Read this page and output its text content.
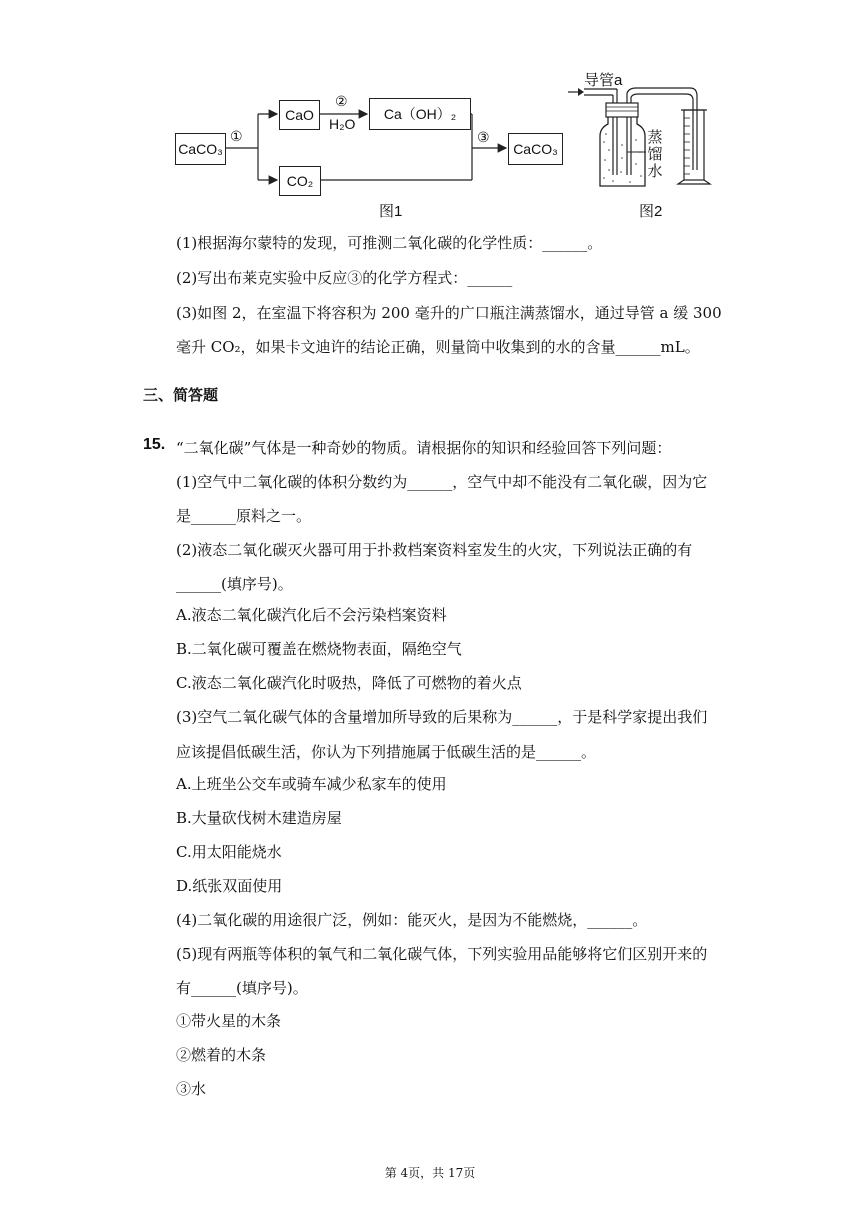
CaCO₃
CaO	Ca（OH）₂
CO₂
CaCO₃
①
②
H₂O
③
图1
导管a
蒸
馏
水
图2
(1)根据海尔蒙特的发现，可推测二氧化碳的化学性质：______。
(2)写出布莱克实验中反应③的化学方程式：______
(3)如图 2，在室温下将容积为 200 毫升的广口瓶注满蒸馏水，通过导管 a 缓 300
毫升 CO₂，如果卡文迪许的结论正确，则量筒中收集到的水的含量______mL。
三、简答题
15. “二氧化碳”气体是一种奇妙的物质。请根据你的知识和经验回答下列问题：
(1)空气中二氧化碳的体积分数约为______，空气中却不能没有二氧化碳，因为它
是______原料之一。
(2)液态二氧化碳灭火器可用于扑救档案资料室发生的火灾，下列说法正确的有
______(填序号)。
A.液态二氧化碳汽化后不会污染档案资料
B.二氧化碳可覆盖在燃烧物表面，隔绝空气
C.液态二氧化碳汽化时吸热，降低了可燃物的着火点
(3)空气二氧化碳气体的含量增加所导致的后果称为______，于是科学家提出我们
应该提倡低碳生活，你认为下列措施属于低碳生活的是______。
A.上班坐公交车或骑车减少私家车的使用
B.大量砍伐树木建造房屋
C.用太阳能烧水
D.纸张双面使用
(4)二氧化碳的用途很广泛，例如：能灭火，是因为不能燃烧，______。
(5)现有两瓶等体积的氧气和二氧化碳气体，下列实验用品能够将它们区别开来的
有______(填序号)。
①带火星的木条
②燃着的木条
③水
第 4页，共 17页
